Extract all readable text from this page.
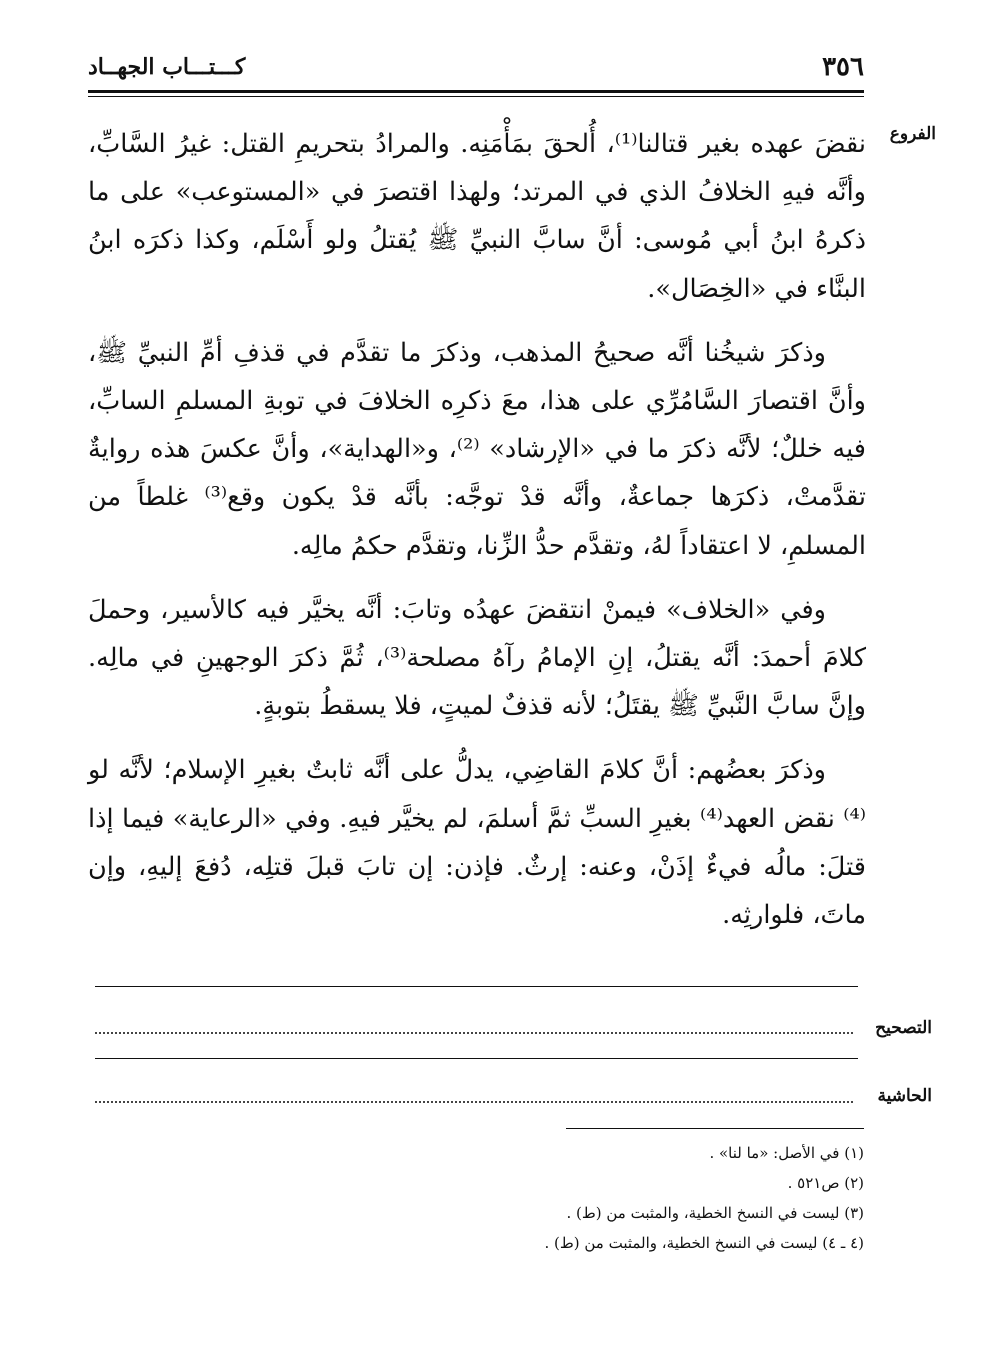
٣٥٦
كـــتـــاب الجهــاد
الفروع

نقضَ عهده بغير قتالنا⁽¹⁾، أُلحقَ بمَأْمَنِه. والمرادُ بتحريمِ القتل: غيرُ السَّابِّ، وأنَّه فيهِ الخلافُ الذي في المرتد؛ ولهذا اقتصرَ في «المستوعب» على ما ذكرهُ ابنُ أبي مُوسى: أنَّ سابَّ النبيِّ ﷺ يُقتلُ ولو أَسْلَم، وكذا ذكرَه ابنُ البنَّاء في «الخِصَال».

وذكرَ شيخُنا أنَّه صحيحُ المذهب، وذكرَ ما تقدَّم في قذفِ أمِّ النبيِّ ﷺ، وأنَّ اقتصارَ السَّامُرِّي على هذا، معَ ذكرِه الخلافَ في توبةِ المسلمِ السابِّ، فيه خللٌ؛ لأنَّه ذكرَ ما في «الإرشاد» ⁽²⁾، و«الهداية»، وأنَّ عكسَ هذه روايةٌ تقدَّمتْ، ذكرَها جماعةٌ، وأنَّه قدْ توجَّه: بأنَّه قدْ يكون وقع⁽³⁾ غلطاً من المسلمِ، لا اعتقاداً لهُ، وتقدَّم حدُّ الزِّنا، وتقدَّم حكمُ مالِه.

وفي «الخلاف» فيمنْ انتقضَ عهدُه وتابَ: أنَّه يخيَّر فيه كالأسير، وحملَ كلامَ أحمدَ: أنَّه يقتلُ، إنِ الإمامُ رآهُ مصلحة⁽³⁾، ثُمَّ ذكرَ الوجهينِ في مالِه. وإنَّ سابَّ النَّبيِّ ﷺ يقتَلُ؛ لأنه قذفٌ لميتٍ، فلا يسقطُ بتوبةٍ.

وذكرَ بعضُهم: أنَّ كلامَ القاضِي، يدلُّ على أنَّه ثابتٌ بغيرِ الإسلام؛ لأنَّه لو ⁽⁴⁾ نقض العهد⁽⁴⁾ بغيرِ السبِّ ثمَّ أسلمَ، لم يخيَّر فيهِ. وفي «الرعاية» فيما إذا قتلَ: مالُه فيءٌ إذَنْ، وعنه: إرثٌ. فإذن: إن تابَ قبلَ قتلِه، دُفعَ إليهِ، وإن ماتَ، فلوارثِه.

التصحيح
الحاشية
(١) في الأصل: «ما لنا» .
(٢) ص٥٢١ .
(٣) ليست في النسخ الخطية، والمثبت من (ط) .
(٤ ـ ٤) ليست في النسخ الخطية، والمثبت من (ط) .
